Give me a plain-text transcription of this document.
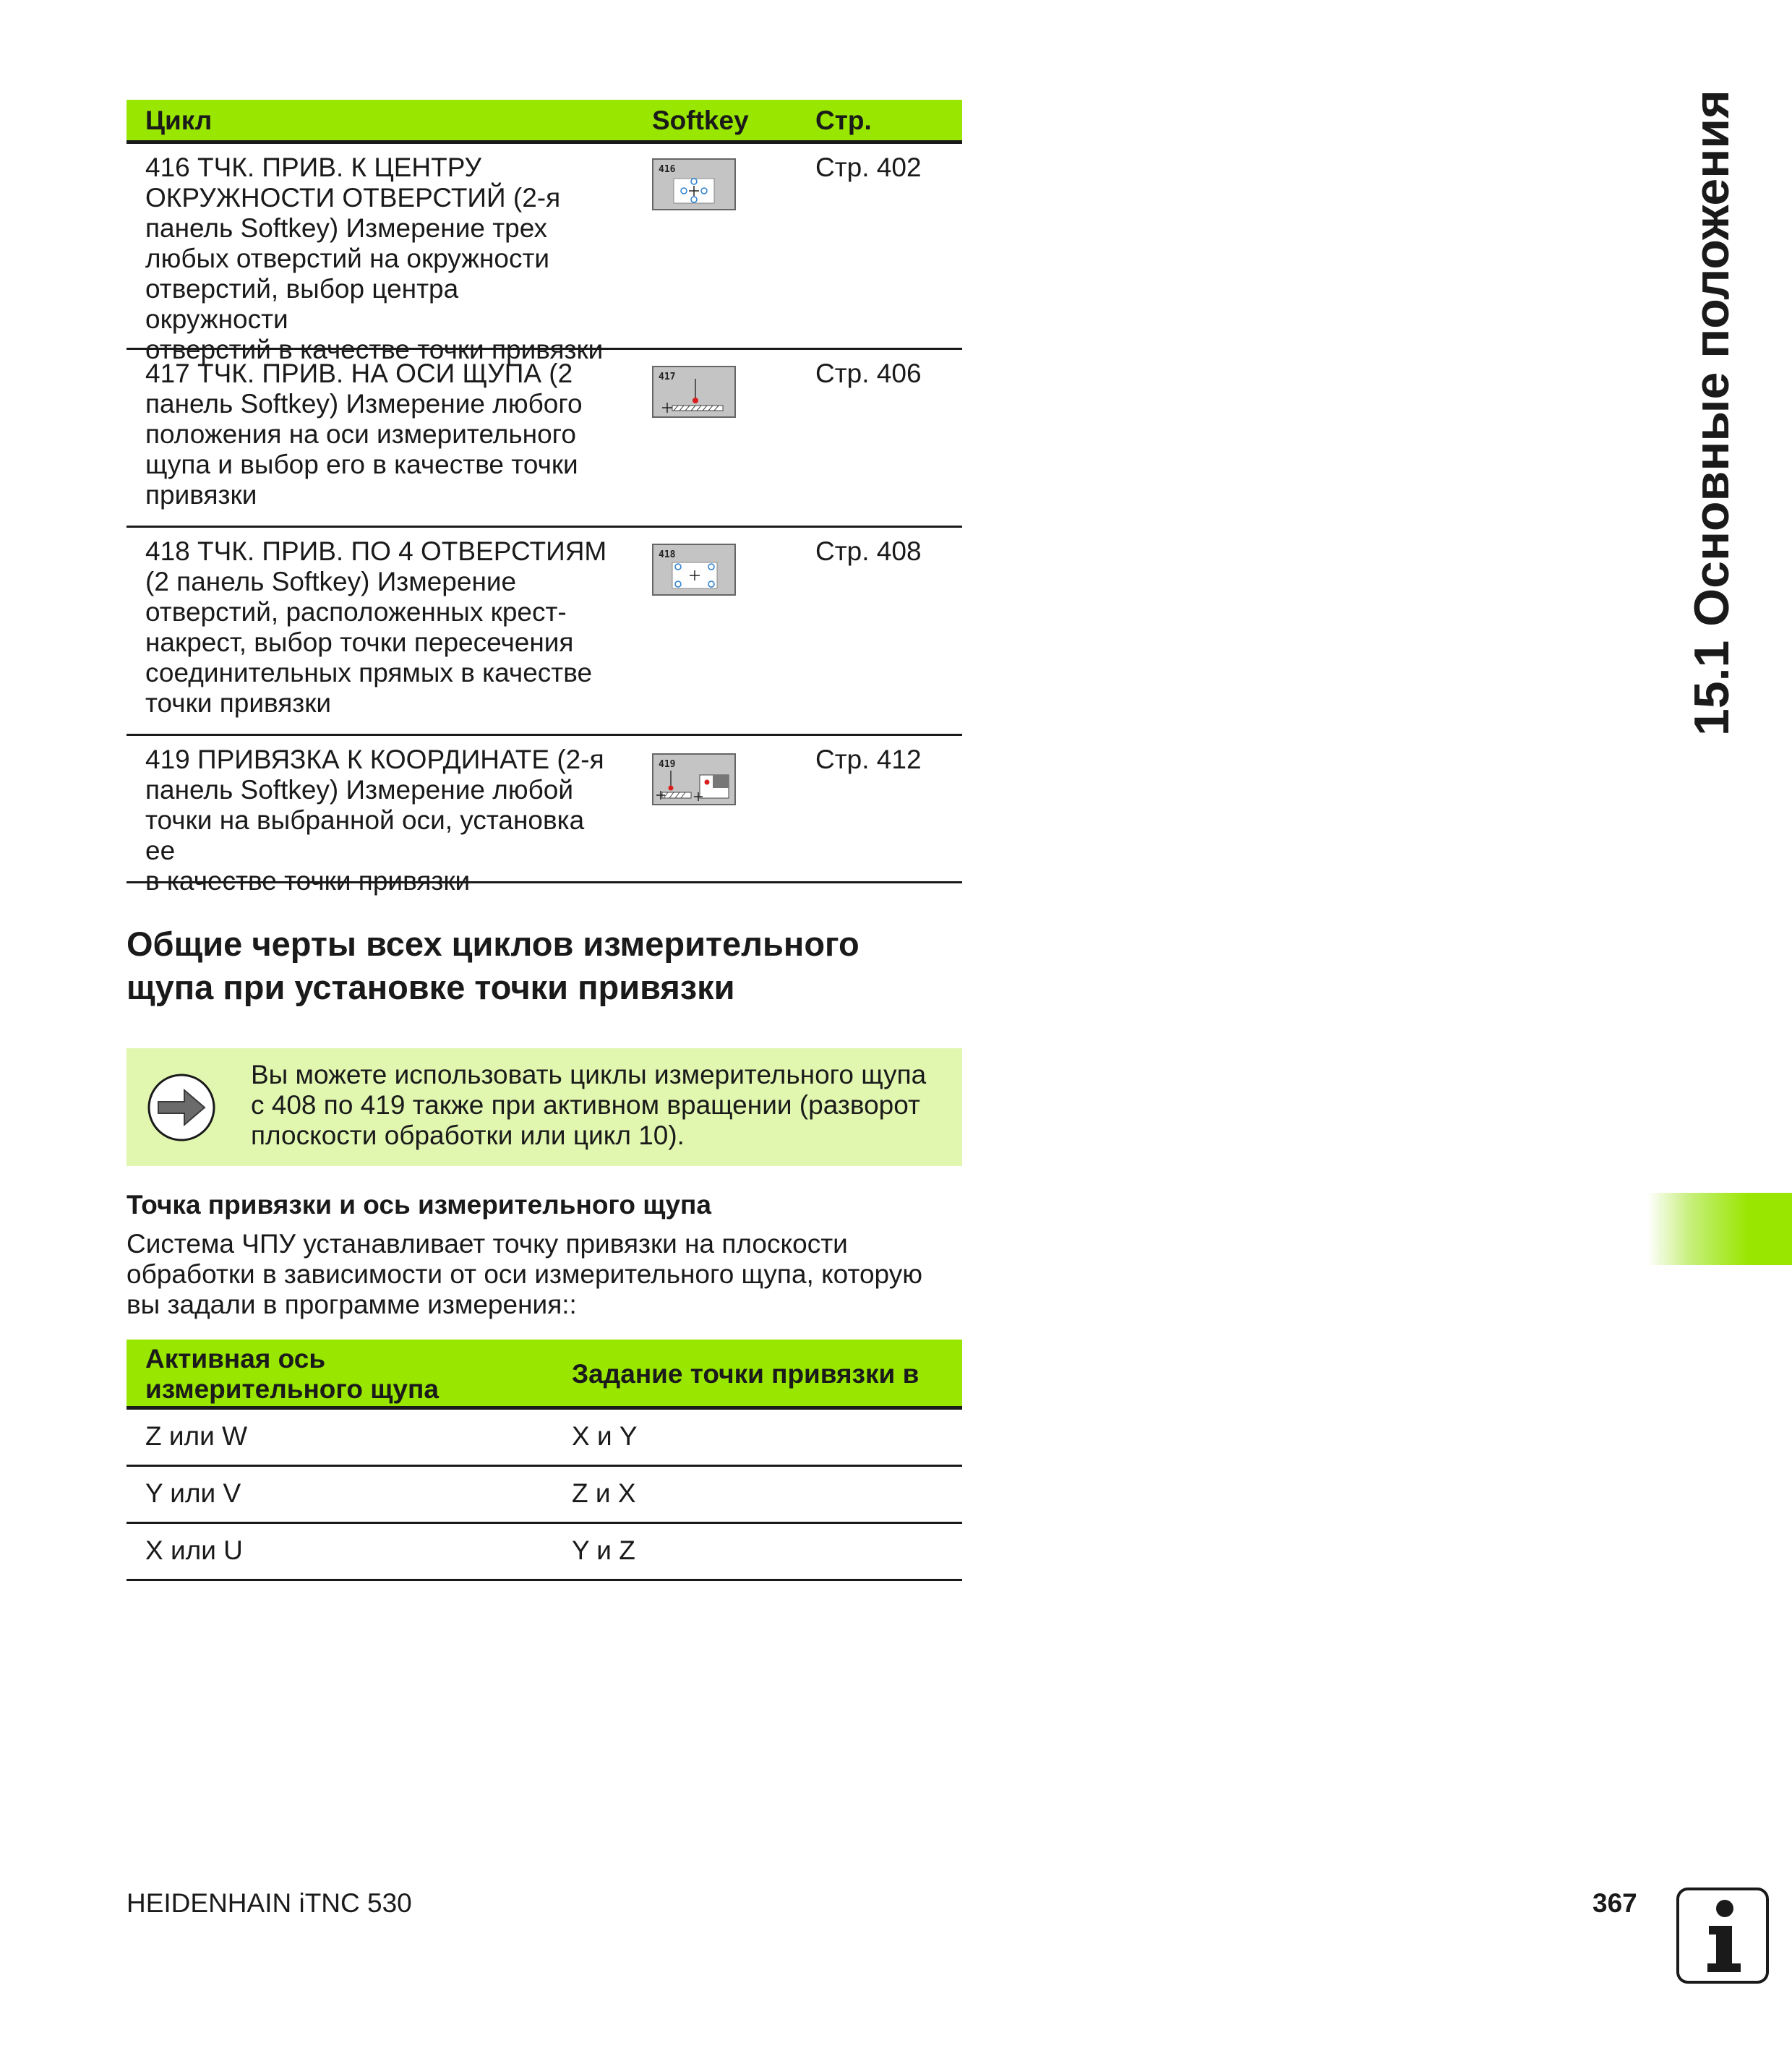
Цикл	Softkey Стр.
416 ТЧК. ПРИВ. К ЦЕНТРУ
ОКРУЖНОСТИ ОТВЕРСТИЙ (2-я
панель Softkey) Измерение трех
любых отверстий на окружности
отверстий, выбор центра окружности
отверстий в качестве точки привязки
416	Стр. 402
417 ТЧК. ПРИВ. НА ОСИ ЩУПА (2
панель Softkey) Измерение любого
положения на оси измерительного
щупа и выбор его в качестве точки
привязки
417	Стр. 406
418 ТЧК. ПРИВ. ПО 4 ОТВЕРСТИЯМ
(2 панель Softkey) Измерение
отверстий, расположенных крест-
накрест, выбор точки пересечения
соединительных прямых в качестве
точки привязки
418	Стр. 408
419 ПРИВЯЗКА К КООРДИНАТЕ (2-я
панель Softkey) Измерение любой
точки на выбранной оси, установка ее
в качестве точки привязки
419	Стр. 412
Общие черты всех циклов измерительного
щупа при установке точки привязки
Вы можете использовать циклы измерительного щупа
с 408 по 419 также при активном вращении (разворот
плоскости обработки или цикл 10).
Точка привязки и ось измерительного щупа
Система ЧПУ устанавливает точку привязки на плоскости
обработки в зависимости от оси измерительного щупа, которую
вы задали в программе измерения::
Активная ось
измерительного щупа
Задание точки привязки в
Z или W	X и Y
Y или V	Z и X
X или U	Y и Z
15.1 Основные положения
HEIDENHAIN iTNC 530	367
